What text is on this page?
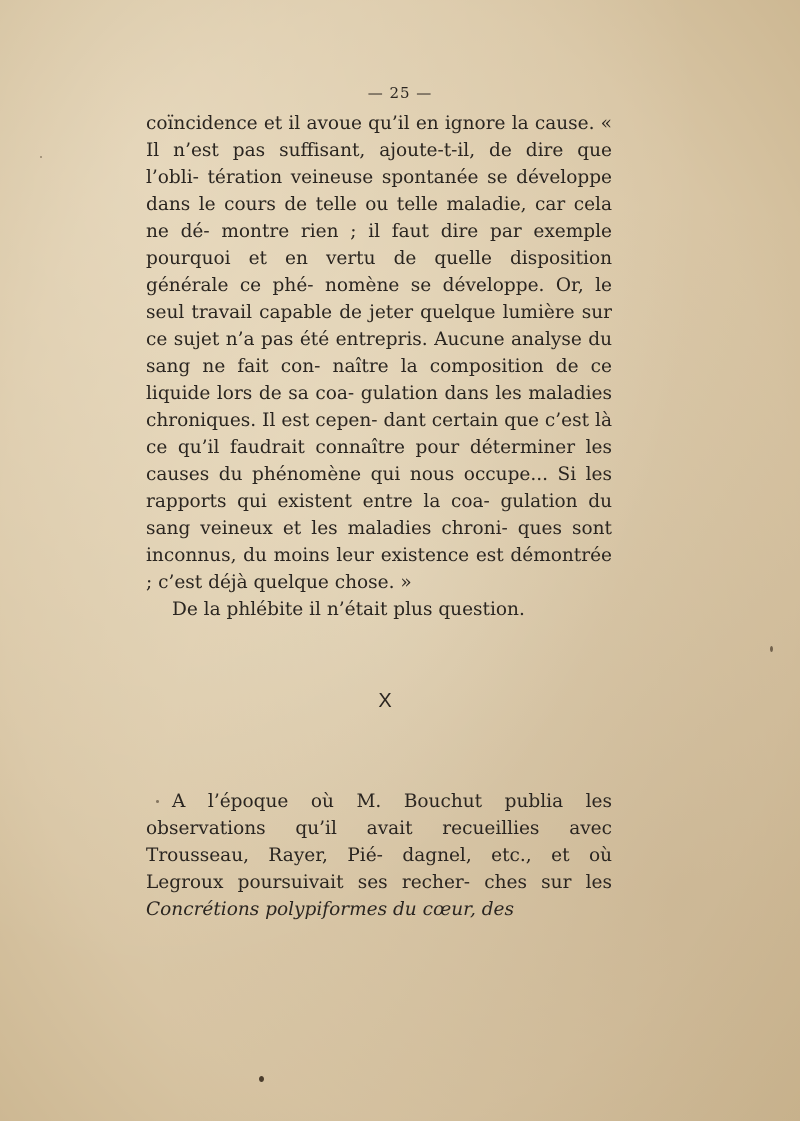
— 25 —

coïncidence et il avoue qu’il en ignore la cause. « Il n’est pas suffisant, ajoute-t-il, de dire que l’obli- tération veineuse spontanée se développe dans le cours de telle ou telle maladie, car cela ne dé- montre rien ; il faut dire par exemple pourquoi et en vertu de quelle disposition générale ce phé- nomène se développe. Or, le seul travail capable de jeter quelque lumière sur ce sujet n’a pas été entrepris. Aucune analyse du sang ne fait con- naître la composition de ce liquide lors de sa coa- gulation dans les maladies chroniques. Il est cepen- dant certain que c’est là ce qu’il faudrait connaître pour déterminer les causes du phénomène qui nous occupe... Si les rapports qui existent entre la coa- gulation du sang veineux et les maladies chroni- ques sont inconnus, du moins leur existence est démontrée ; c’est déjà quelque chose. »

De la phlébite il n’était plus question.

X

A l’époque où M. Bouchut publia les observations qu’il avait recueillies avec Trousseau, Rayer, Pié- dagnel, etc., et où Legroux poursuivait ses recher- ches sur les Concrétions polypiformes du cœur, des
